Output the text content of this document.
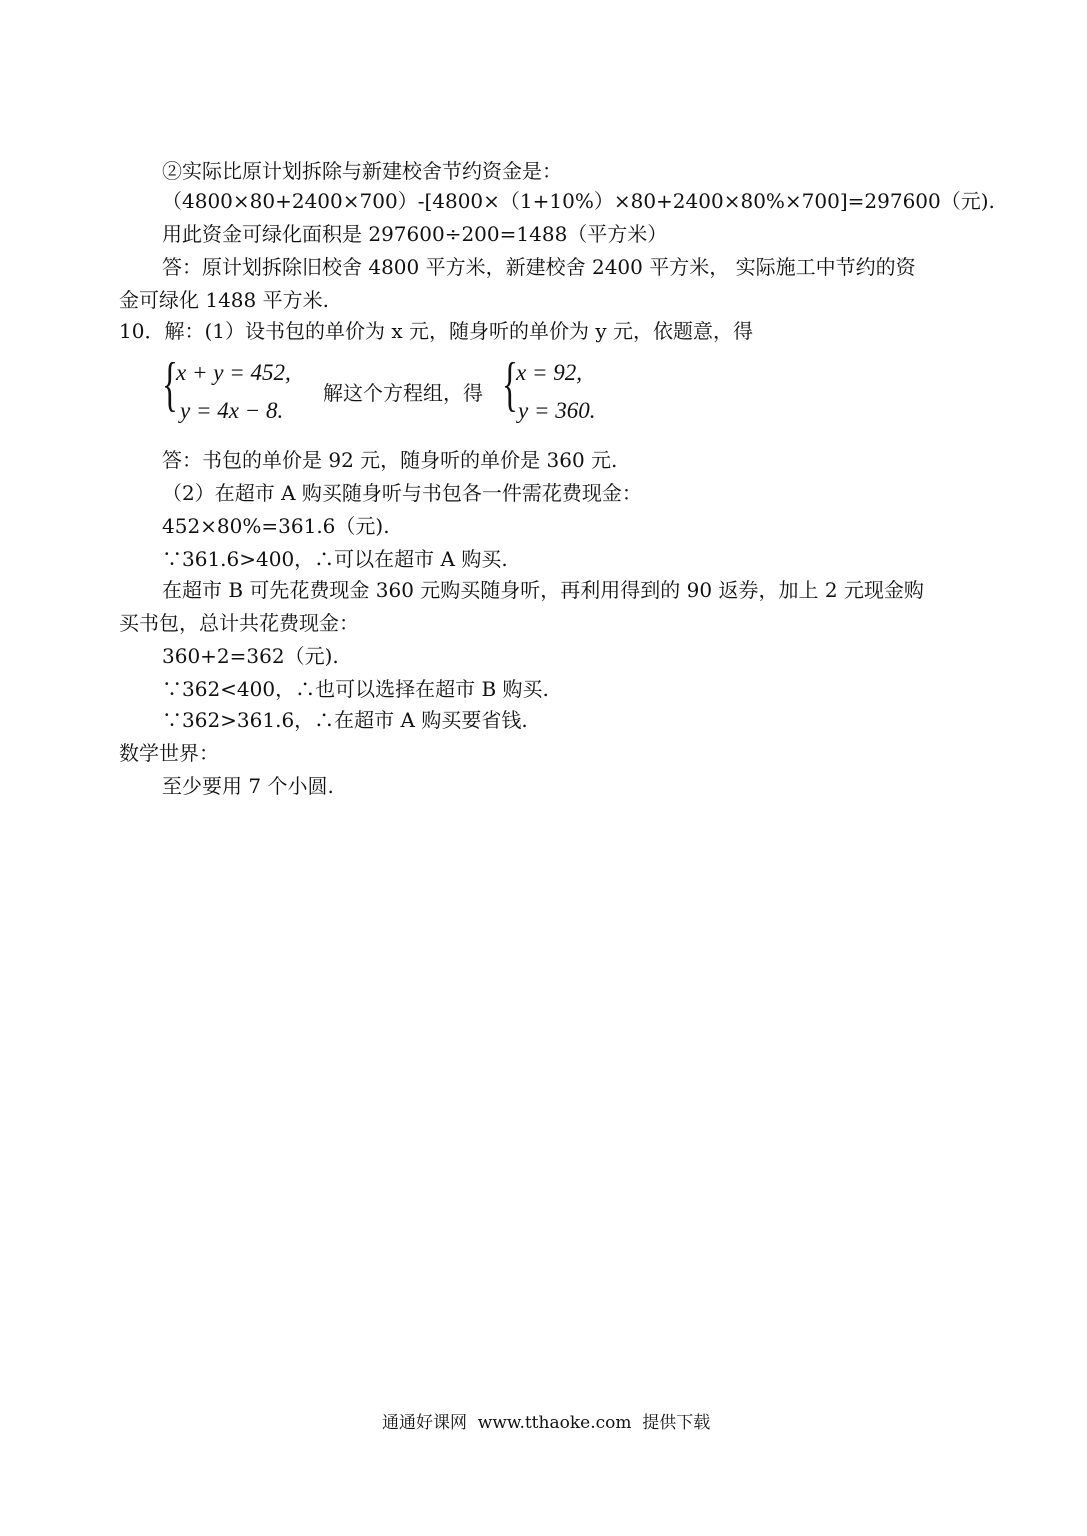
②实际比原计划拆除与新建校舍节约资金是：
（4800×80+2400×700）-[4800×（1+10%）×80+2400×80%×700]=297600（元).
用此资金可绿化面积是 297600÷200=1488（平方米）
答：原计划拆除旧校舍 4800 平方米，新建校舍 2400 平方米， 实际施工中节约的资
金可绿化 1488 平方米.
10．解：(1）设书包的单价为 x 元，随身听的单价为 y 元，依题意，得
{
x + y = 452,
y = 4x − 8.
解这个方程组，得 {
x = 92,
y = 360.
答：书包的单价是 92 元，随身听的单价是 360 元.
（2）在超市 A 购买随身听与书包各一件需花费现金：
452×80%=361.6（元).
∵361.6>400，∴可以在超市 A 购买.
在超市 B 可先花费现金 360 元购买随身听，再利用得到的 90 返券，加上 2 元现金购
买书包，总计共花费现金：
360+2=362（元).
∵362<400，∴也可以选择在超市 B 购买.
∵362>361.6，∴在超市 A 购买要省钱.
数学世界：
至少要用 7 个小圆.
通通好课网  www.tthaoke.com  提供下载
